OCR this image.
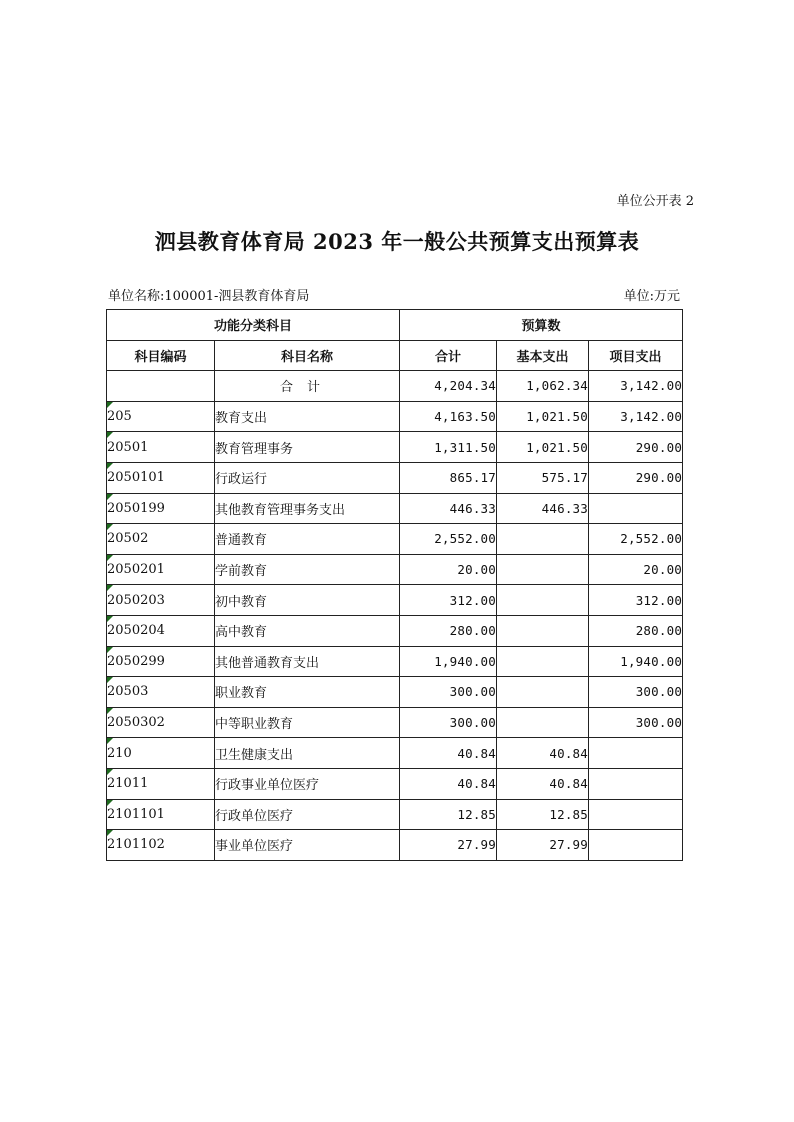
单位公开表 2
泗县教育体育局 2023 年一般公共预算支出预算表
单位名称:100001-泗县教育体育局	单位:万元
功能分类科目		预算数		
科目编码	科目名称	合计	基本支出	项目支出
	合计	4,204.34	1,062.34	3,142.00

205	教育支出	4,163.50	1,021.50	3,142.00

20501	教育管理事务	1,311.50	1,021.50	290.00

2050101	行政运行	865.17	575.17	290.00

2050199	其他教育管理事务支出	446.33	446.33	

20502	普通教育	2,552.00		2,552.00

2050201	学前教育	20.00		20.00

2050203	初中教育	312.00		312.00

2050204	高中教育	280.00		280.00

2050299	其他普通教育支出	1,940.00		1,940.00

20503	职业教育	300.00		300.00

2050302	中等职业教育	300.00		300.00

210	卫生健康支出	40.84	40.84	

21011	行政事业单位医疗	40.84	40.84	

2101101	行政单位医疗	12.85	12.85	

2101102	事业单位医疗	27.99	27.99	
